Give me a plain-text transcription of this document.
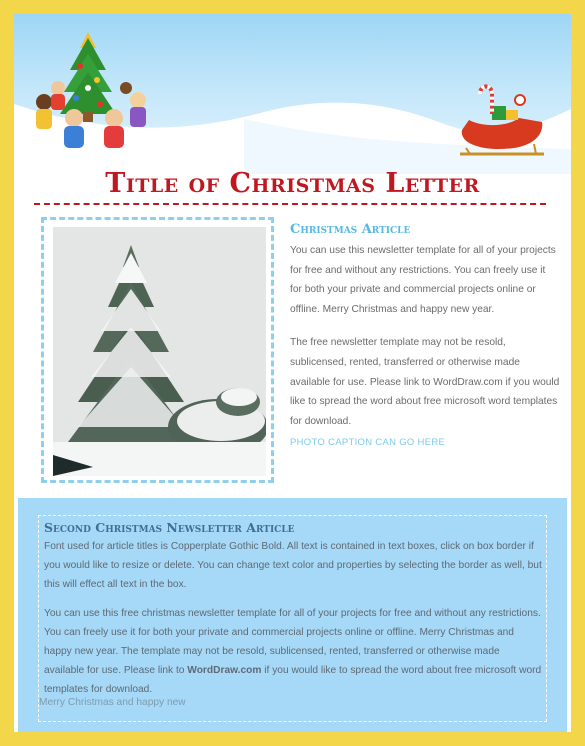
Title of Christmas Letter
Christmas Article

You can use this newsletter template for all of your projects for free and without any restrictions. You can freely use it for both your private and commercial projects online or offline. Merry Christmas and happy new year.

The free newsletter template may not be resold, sublicensed, rented, transferred or otherwise made available for use. Please link to WordDraw.com if you would like to spread the word about free microsoft word templates for download.

PHOTO CAPTION CAN GO HERE
Second Christmas Newsletter Article

Font used for article titles is Copperplate Gothic Bold. All text is contained in text boxes, click on box border if you would like to resize or delete. You can change text color and properties by selecting the border as well, but this will effect all text in the box.

You can use this free christmas newsletter template for all of your projects for free and without any restrictions. You can freely use it for both your private and commercial projects online or offline. Merry Christmas and happy new year. The template may not be resold, sublicensed, rented, transferred or otherwise made available for use. Please link to WordDraw.com if you would like to spread the word about free microsoft word templates for download.

Merry Christmas and happy new
